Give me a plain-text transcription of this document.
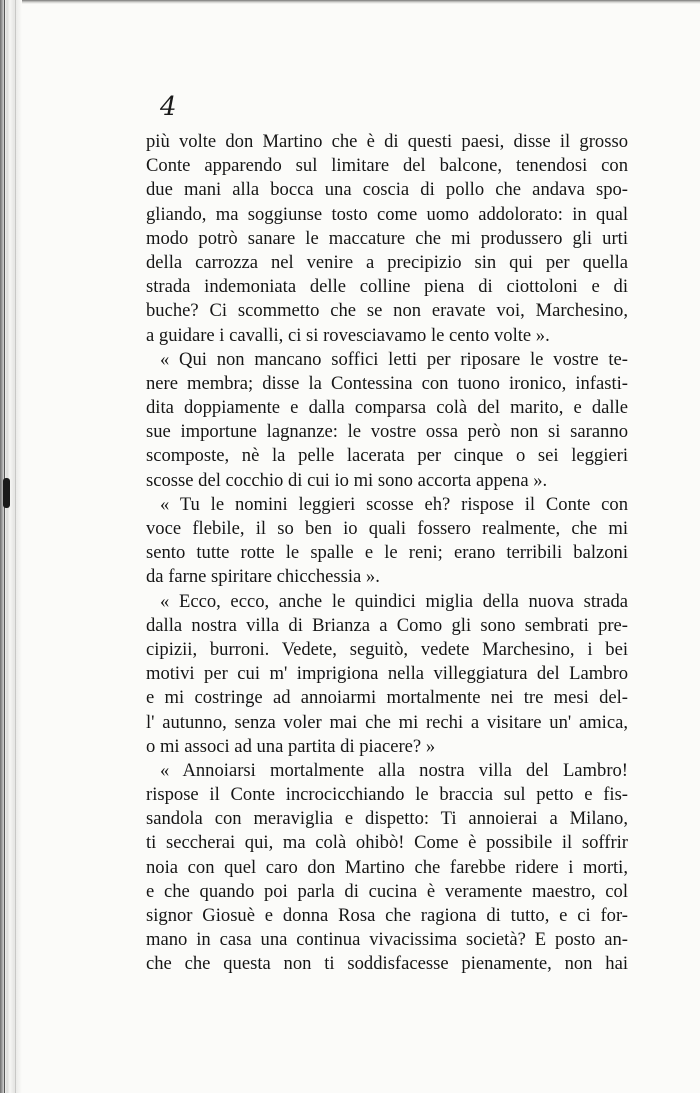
4
più volte don Martino che è di questi paesi, disse il grosso
Conte apparendo sul limitare del balcone, tenendosi con
due mani alla bocca una coscia di pollo che andava spo-
gliando, ma soggiunse tosto come uomo addolorato: in qual
modo potrò sanare le maccature che mi produssero gli urti
della carrozza nel venire a precipizio sin qui per quella
strada indemoniata delle colline piena di ciottoloni e di
buche? Ci scommetto che se non eravate voi, Marchesino,
a guidare i cavalli, ci si rovesciavamo le cento volte ».
« Qui non mancano soffici letti per riposare le vostre te-
nere membra; disse la Contessina con tuono ironico, infasti-
dita doppiamente e dalla comparsa colà del marito, e dalle
sue importune lagnanze: le vostre ossa però non si saranno
scomposte, nè la pelle lacerata per cinque o sei leggieri
scosse del cocchio di cui io mi sono accorta appena ».
« Tu le nomini leggieri scosse eh? rispose il Conte con
voce flebile, il so ben io quali fossero realmente, che mi
sento tutte rotte le spalle e le reni; erano terribili balzoni
da farne spiritare chicchessia ».
« Ecco, ecco, anche le quindici miglia della nuova strada
dalla nostra villa di Brianza a Como gli sono sembrati pre-
cipizii, burroni. Vedete, seguitò, vedete Marchesino, i bei
motivi per cui m' imprigiona nella villeggiatura del Lambro
e mi costringe ad annoiarmi mortalmente nei tre mesi del-
l' autunno, senza voler mai che mi rechi a visitare un' amica,
o mi associ ad una partita di piacere? »
« Annoiarsi mortalmente alla nostra villa del Lambro!
rispose il Conte incrocicchiando le braccia sul petto e fis-
sandola con meraviglia e dispetto: Ti annoierai a Milano,
ti seccherai qui, ma colà ohibò! Come è possibile il soffrir
noia con quel caro don Martino che farebbe ridere i morti,
e che quando poi parla di cucina è veramente maestro, col
signor Giosuè e donna Rosa che ragiona di tutto, e ci for-
mano in casa una continua vivacissima società? E posto an-
che che questa non ti soddisfacesse pienamente, non hai
